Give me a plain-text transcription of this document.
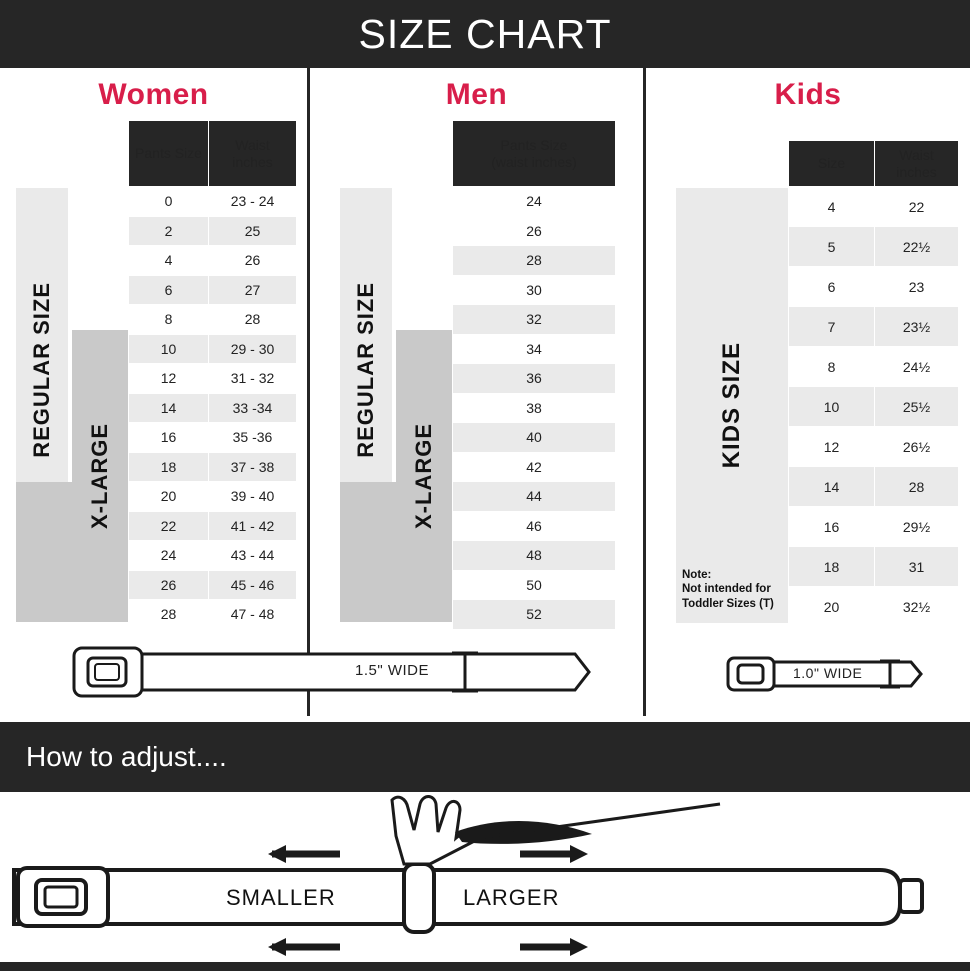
SIZE CHART
Women
REGULAR SIZE
X-LARGE
Pants Size	Waist
inches
0	23 - 24
2	25
4	26
6	27
8	28
10	29 - 30
12	31 - 32
14	33 -34
16	35 -36
18	37 - 38
20	39 - 40
22	41 - 42
24	43 - 44
26	45 - 46
28	47 - 48
Men
REGULAR SIZE
X-LARGE
Pants Size
(waist inches)
24
26
28
30
32
34
36
38
40
42
44
46
48
50
52
Kids
KIDS SIZE
Note:
Not intended for
Toddler Sizes (T)
Size	Waist
inches
4	22
5	22½
6	23
7	23½
8	24½
10	25½
12	26½
14	28
16	29½
18	31
20	32½
1.5" WIDE	1.0" WIDE
How to adjust....
SMALLER	LARGER
